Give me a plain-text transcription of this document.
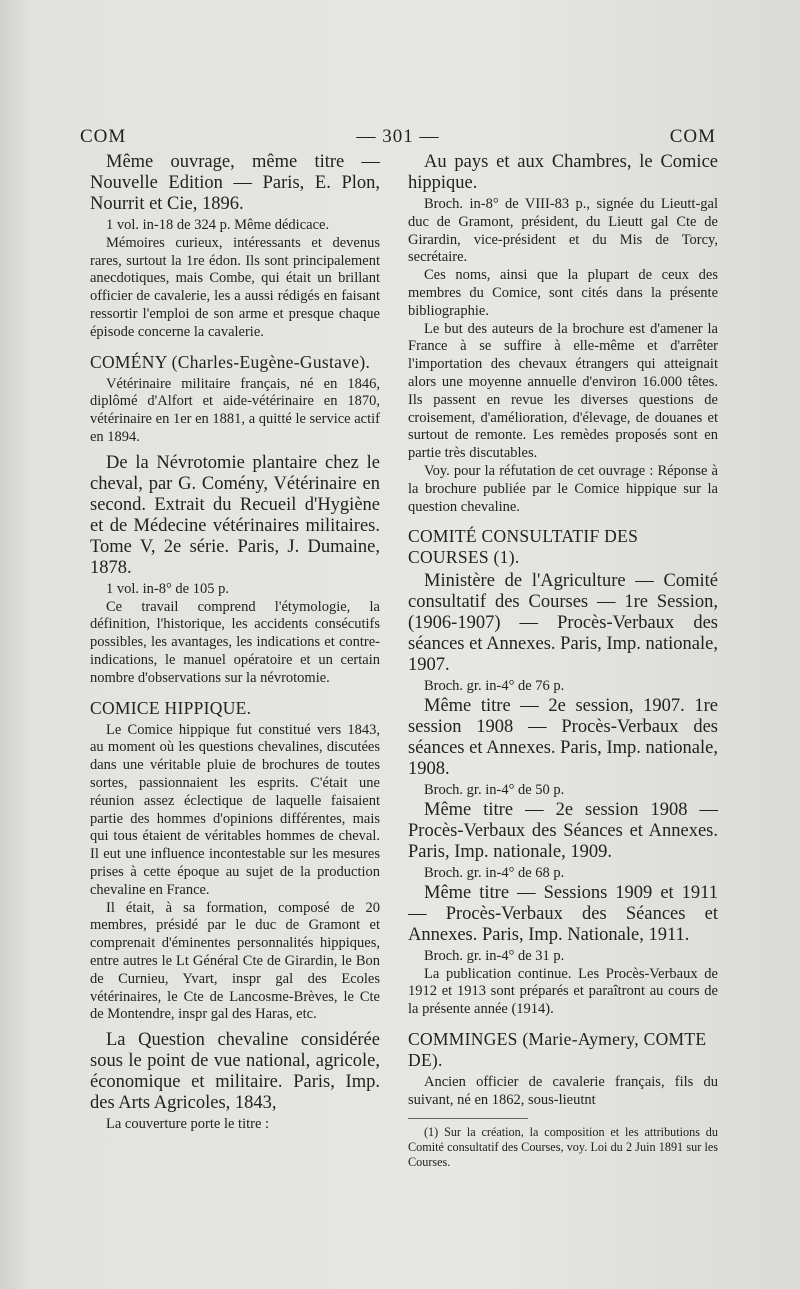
COM	— 301 —	COM

Même ouvrage, même titre — Nouvelle Edition — Paris, E. Plon, Nourrit et Cie, 1896.

1 vol. in-18 de 324 p. Même dédicace.

Mémoires curieux, intéressants et devenus rares, surtout la 1re édon. Ils sont principalement anecdotiques, mais Combe, qui était un brillant officier de cavalerie, les a aussi rédigés en faisant ressortir l'emploi de son arme et presque chaque épisode concerne la cavalerie.

COMÉNY (Charles-Eugène-Gustave).

Vétérinaire militaire français, né en 1846, diplômé d'Alfort et aide-vétérinaire en 1870, vétérinaire en 1er en 1881, a quitté le service actif en 1894.

De la Névrotomie plantaire chez le cheval, par G. Comény, Vétérinaire en second. Extrait du Recueil d'Hygiène et de Médecine vétérinaires militaires. Tome V, 2e série. Paris, J. Dumaine, 1878.

1 vol. in-8° de 105 p.

Ce travail comprend l'étymologie, la définition, l'historique, les accidents consécutifs possibles, les avantages, les indications et contre-indications, le manuel opératoire et un certain nombre d'observations sur la névrotomie.

COMICE HIPPIQUE.

Le Comice hippique fut constitué vers 1843, au moment où les questions chevalines, discutées dans une véritable pluie de brochures de toutes sortes, passionnaient les esprits. C'était une réunion assez éclectique de laquelle faisaient partie des hommes d'opinions différentes, mais qui tous étaient de véritables hommes de cheval. Il eut une influence incontestable sur les mesures prises à cette époque au sujet de la production chevaline en France.

Il était, à sa formation, composé de 20 membres, présidé par le duc de Gramont et comprenait d'éminentes personnalités hippiques, entre autres le Lt Général Cte de Girardin, le Bon de Curnieu, Yvart, inspr gal des Ecoles vétérinaires, le Cte de Lancosme-Brèves, le Cte de Montendre, inspr gal des Haras, etc.

La Question chevaline considérée sous le point de vue national, agricole, économique et militaire. Paris, Imp. des Arts Agricoles, 1843,

La couverture porte le titre :

Au pays et aux Chambres, le Comice hippique.

Broch. in-8° de VIII-83 p., signée du Lieutt-gal duc de Gramont, président, du Lieutt gal Cte de Girardin, vice-président et du Mis de Torcy, secrétaire.

Ces noms, ainsi que la plupart de ceux des membres du Comice, sont cités dans la présente bibliographie.

Le but des auteurs de la brochure est d'amener la France à se suffire à elle-même et d'arrêter l'importation des chevaux étrangers qui atteignait alors une moyenne annuelle d'environ 16.000 têtes. Ils passent en revue les diverses questions de croisement, d'amélioration, d'élevage, de douanes et surtout de remonte. Les remèdes proposés sont en partie très discutables.

Voy. pour la réfutation de cet ouvrage : Réponse à la brochure publiée par le Comice hippique sur la question chevaline.

COMITÉ CONSULTATIF DES COURSES (1).

Ministère de l'Agriculture — Comité consultatif des Courses — 1re Session, (1906-1907) — Procès-Verbaux des séances et Annexes. Paris, Imp. nationale, 1907.

Broch. gr. in-4° de 76 p.

Même titre — 2e session, 1907. 1re session 1908 — Procès-Verbaux des séances et Annexes. Paris, Imp. nationale, 1908.

Broch. gr. in-4° de 50 p.

Même titre — 2e session 1908 — Procès-Verbaux des Séances et Annexes. Paris, Imp. nationale, 1909.

Broch. gr. in-4° de 68 p.

Même titre — Sessions 1909 et 1911 — Procès-Verbaux des Séances et Annexes. Paris, Imp. Nationale, 1911.

Broch. gr. in-4° de 31 p.

La publication continue. Les Procès-Verbaux de 1912 et 1913 sont préparés et paraîtront au cours de la présente année (1914).

COMMINGES (Marie-Aymery, COMTE DE).

Ancien officier de cavalerie français, fils du suivant, né en 1862, sous-lieutnt

(1) Sur la création, la composition et les attributions du Comité consultatif des Courses, voy. Loi du 2 Juin 1891 sur les Courses.
